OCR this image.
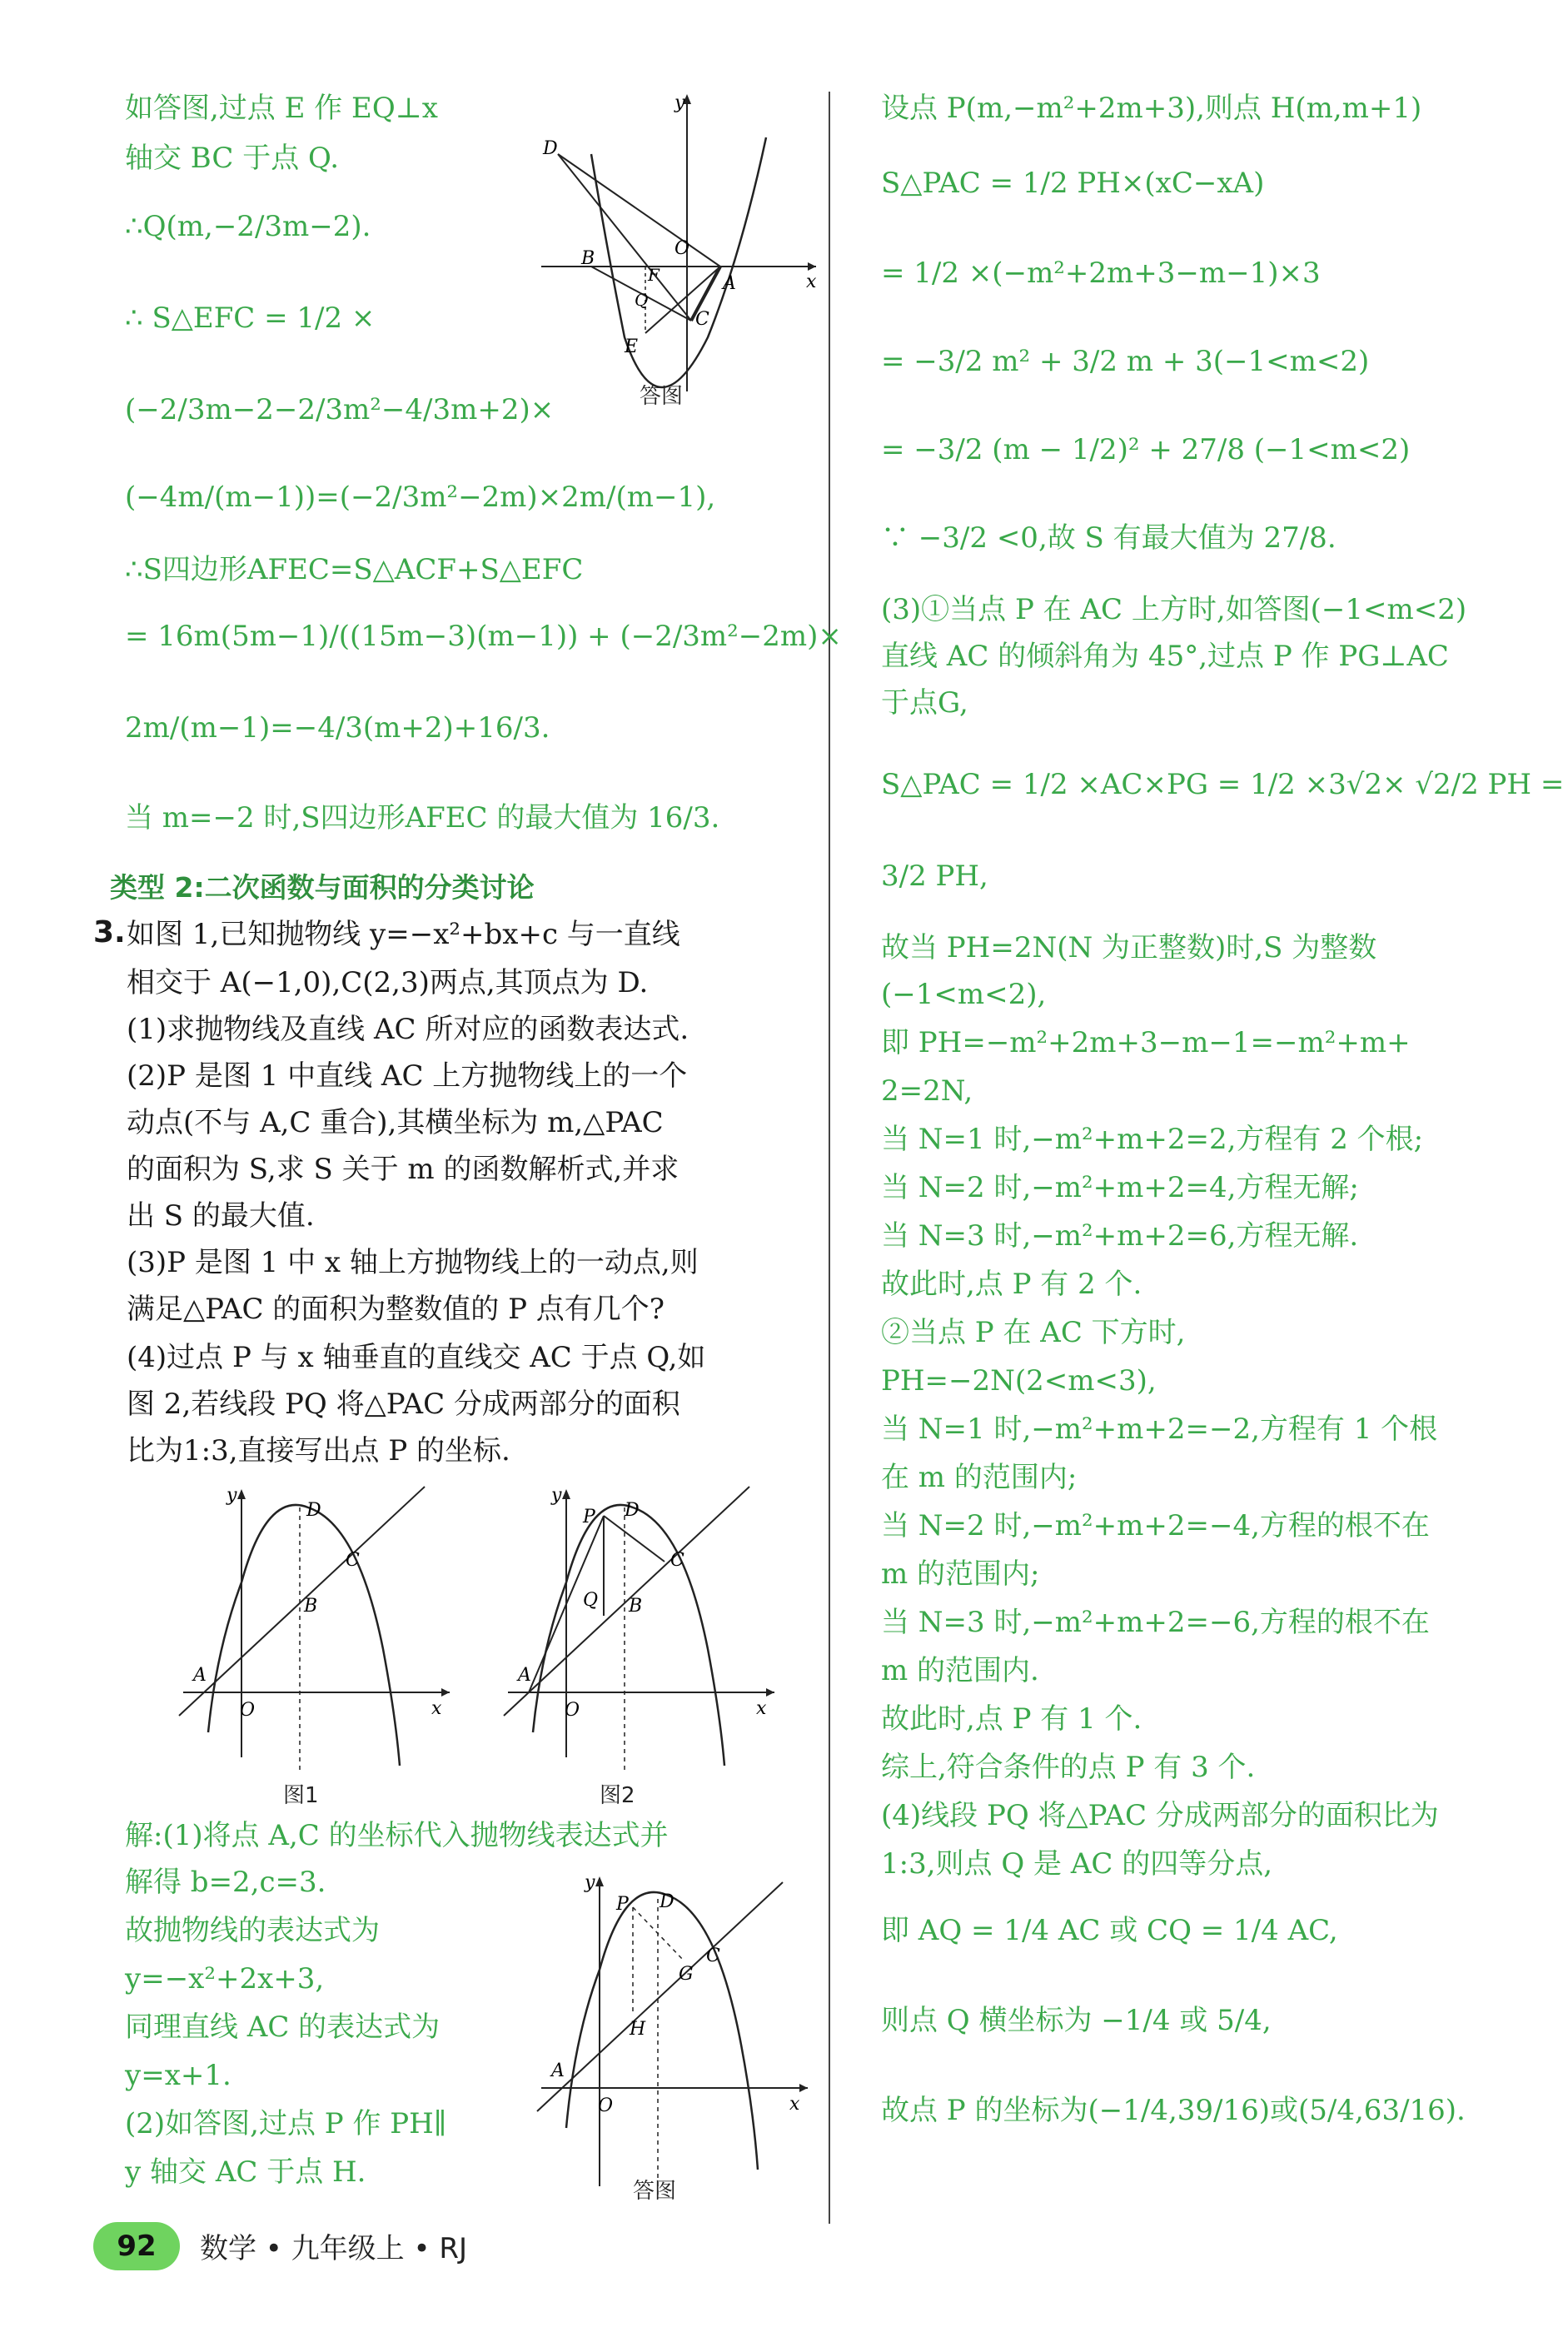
如答图,过点 E 作 EQ⊥x
轴交 BC 于点 Q.
∴Q(m,−2/3m−2).
∴ S△EFC = 1/2 ×
(−2/3m−2−2/3m²−4/3m+2)×
(−4m/(m−1))=(−2/3m²−2m)×2m/(m−1),
∴S四边形AFEC=S△ACF+S△EFC
= 16m(5m−1)/((15m−3)(m−1)) + (−2/3m²−2m)×
2m/(m−1)=−4/3(m+2)+16/3.
当 m=−2 时,S四边形AFEC 的最大值为 16/3.
y
D
O
x
B
F	A
Q
C
E
答图
类型 2:二次函数与面积的分类讨论
3. 如图 1,已知抛物线 y=−x²+bx+c 与一直线
相交于 A(−1,0),C(2,3)两点,其顶点为 D.
(1)求抛物线及直线 AC 所对应的函数表达式.
(2)P 是图 1 中直线 AC 上方抛物线上的一个
动点(不与 A,C 重合),其横坐标为 m,△PAC
的面积为 S,求 S 关于 m 的函数解析式,并求
出 S 的最大值.
(3)P 是图 1 中 x 轴上方抛物线上的一动点,则
满足△PAC 的面积为整数值的 P 点有几个?
(4)过点 P 与 x 轴垂直的直线交 AC 于点 Q,如
图 2,若线段 PQ 将△PAC 分成两部分的面积
比为1:3,直接写出点 P 的坐标.
y
D
C
B
A
O	x
图1
y
P D
C
Q B
A
O	x
图2
解:(1)将点 A,C 的坐标代入抛物线表达式并
解得 b=2,c=3.
故抛物线的表达式为
y=−x²+2x+3,
同理直线 AC 的表达式为
y=x+1.
(2)如答图,过点 P 作 PH∥
y 轴交 AC 于点 H.
y
P D
C
G
H
A
O	x
答图
设点 P(m,−m²+2m+3),则点 H(m,m+1)
S△PAC = 1/2 PH×(xC−xA)
= 1/2 ×(−m²+2m+3−m−1)×3
= −3/2 m² + 3/2 m + 3(−1<m<2)
= −3/2 (m − 1/2)² + 27/8 (−1<m<2)
∵ −3/2 <0,故 S 有最大值为 27/8.
(3)①当点 P 在 AC 上方时,如答图(−1<m<2)
直线 AC 的倾斜角为 45°,过点 P 作 PG⊥AC
于点G,
S△PAC = 1/2 ×AC×PG = 1/2 ×3√2× √2/2 PH =
3/2 PH,
故当 PH=2N(N 为正整数)时,S 为整数
(−1<m<2),
即 PH=−m²+2m+3−m−1=−m²+m+
2=2N,
当 N=1 时,−m²+m+2=2,方程有 2 个根;
当 N=2 时,−m²+m+2=4,方程无解;
当 N=3 时,−m²+m+2=6,方程无解.
故此时,点 P 有 2 个.
②当点 P 在 AC 下方时,
PH=−2N(2<m<3),
当 N=1 时,−m²+m+2=−2,方程有 1 个根
在 m 的范围内;
当 N=2 时,−m²+m+2=−4,方程的根不在
m 的范围内;
当 N=3 时,−m²+m+2=−6,方程的根不在
m 的范围内.
故此时,点 P 有 1 个.
综上,符合条件的点 P 有 3 个.
(4)线段 PQ 将△PAC 分成两部分的面积比为
1:3,则点 Q 是 AC 的四等分点,
即 AQ = 1/4 AC 或 CQ = 1/4 AC,
则点 Q 横坐标为 −1/4 或 5/4,
故点 P 的坐标为(−1/4,39/16)或(5/4,63/16).
92	数学 • 九年级上 • RJ
